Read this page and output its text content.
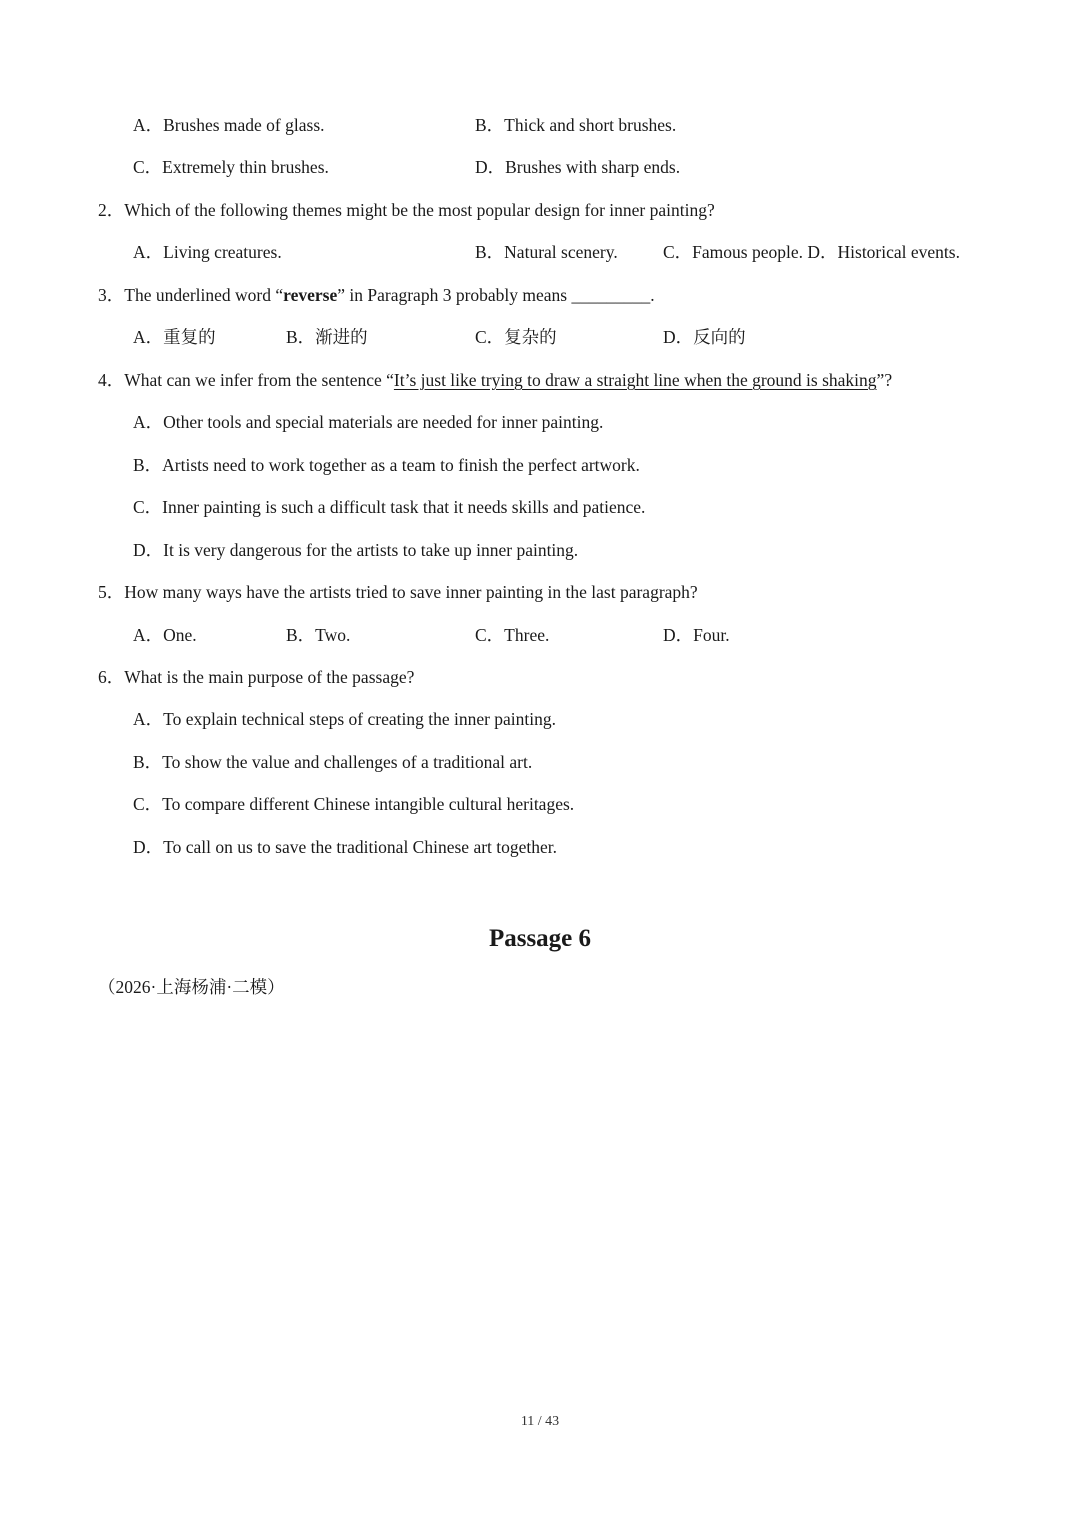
A．Brushes made of glass.	B．Thick and short brushes.
C．Extremely thin brushes.	D．Brushes with sharp ends.
2．Which of the following themes might be the most popular design for inner painting?
A．Living creatures.	B．Natural scenery.	C．Famous people. D．Historical events.
3．The underlined word “reverse” in Paragraph 3 probably means _________.
A．重复的	B．渐进的	C．复杂的	D．反向的
4．What can we infer from the sentence “It’s just like trying to draw a straight line when the ground is shaking”?
A．Other tools and special materials are needed for inner painting.
B．Artists need to work together as a team to finish the perfect artwork.
C．Inner painting is such a difficult task that it needs skills and patience.
D．It is very dangerous for the artists to take up inner painting.
5．How many ways have the artists tried to save inner painting in the last paragraph?
A．One.	B．Two.	C．Three.	D．Four.
6．What is the main purpose of the passage?
A．To explain technical steps of creating the inner painting.
B．To show the value and challenges of a traditional art.
C．To compare different Chinese intangible cultural heritages.
D．To call on us to save the traditional Chinese art together.
Passage 6
（2026·上海杨浦·二模）
11 / 43
